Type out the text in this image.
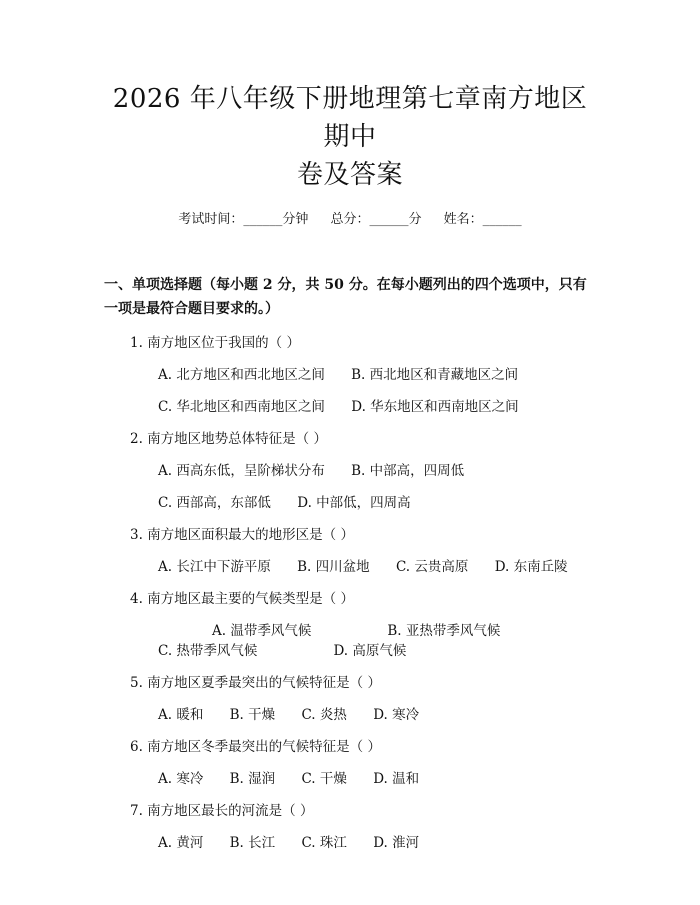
2026 年八年级下册地理第七章南方地区期中
卷及答案
考试时间：______分钟 总分：______分 姓名：______
一、单项选择题（每小题 2 分，共 50 分。在每小题列出的四个选项中，只有一项是最符合题目要求的。）
1. 南方地区位于我国的（ ）
A. 北方地区和西北地区之间 B. 西北地区和青藏地区之间
C. 华北地区和西南地区之间 D. 华东地区和西南地区之间
2. 南方地区地势总体特征是（ ）
A. 西高东低，呈阶梯状分布 B. 中部高，四周低
C. 西部高，东部低 D. 中部低，四周高
3. 南方地区面积最大的地形区是（ ）
A. 长江中下游平原 B. 四川盆地 C. 云贵高原 D. 东南丘陵
4. 南方地区最主要的气候类型是（ ）
A. 温带季风气候	B. 亚热带季风气候C. 热带季风气候	D. 高原气候
5. 南方地区夏季最突出的气候特征是（ ）
A. 暖和 B. 干燥 C. 炎热 D. 寒冷
6. 南方地区冬季最突出的气候特征是（ ）
A. 寒冷 B. 湿润 C. 干燥 D. 温和
7. 南方地区最长的河流是（ ）
A. 黄河 B. 长江 C. 珠江 D. 淮河
